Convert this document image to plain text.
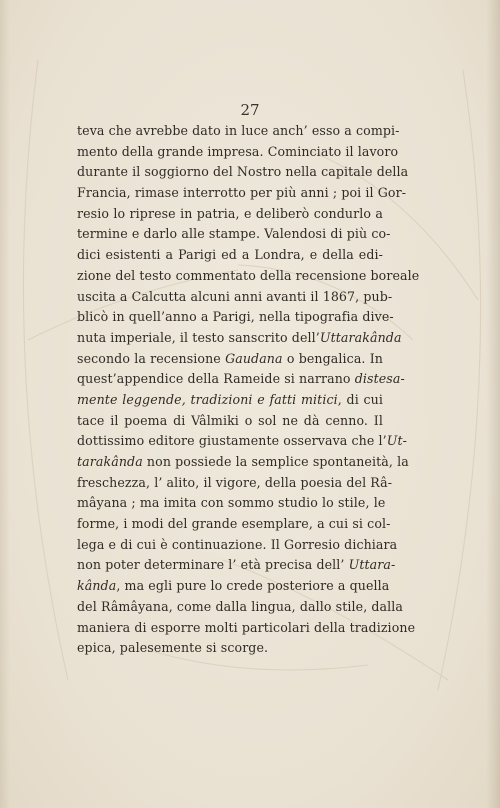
27
teva che avrebbe dato in luce anch’ esso a compi-
mento della grande impresa. Cominciato il lavoro
durante il soggiorno del Nostro nella capitale della
Francia, rimase interrotto per più anni ; poi il Gor-
resio lo riprese in patria, e deliberò condurlo a
termine e darlo alle stampe. Valendosi di più co-
dici esistenti a Parigi ed a Londra, e della edi-
zione del testo commentato della recensione boreale
uscita a Calcutta alcuni anni avanti il 1867, pub-
blicò in quell’anno a Parigi, nella tipografia dive-
nuta imperiale, il testo sanscrito dell’Uttarakânda
secondo la recensione Gaudana o bengalica. In
quest’appendice della Rameide si narrano distesa-
mente leggende, tradizioni e fatti mitici, di cui
tace il poema di Vâlmiki o sol ne dà cenno. Il
dottissimo editore giustamente osservava che l’Ut-
tarakânda non possiede la semplice spontaneità, la
freschezza, l’ alito, il vigore, della poesia del Râ-
mâyana ; ma imita con sommo studio lo stile, le
forme, i modi del grande esemplare, a cui si col-
lega e di cui è continuazione. Il Gorresio dichiara
non poter determinare l’ età precisa dell’ Uttara-
kânda, ma egli pure lo crede posteriore a quella
del Râmâyana, come dalla lingua, dallo stile, dalla
maniera di esporre molti particolari della tradizione
epica, palesemente si scorge.
